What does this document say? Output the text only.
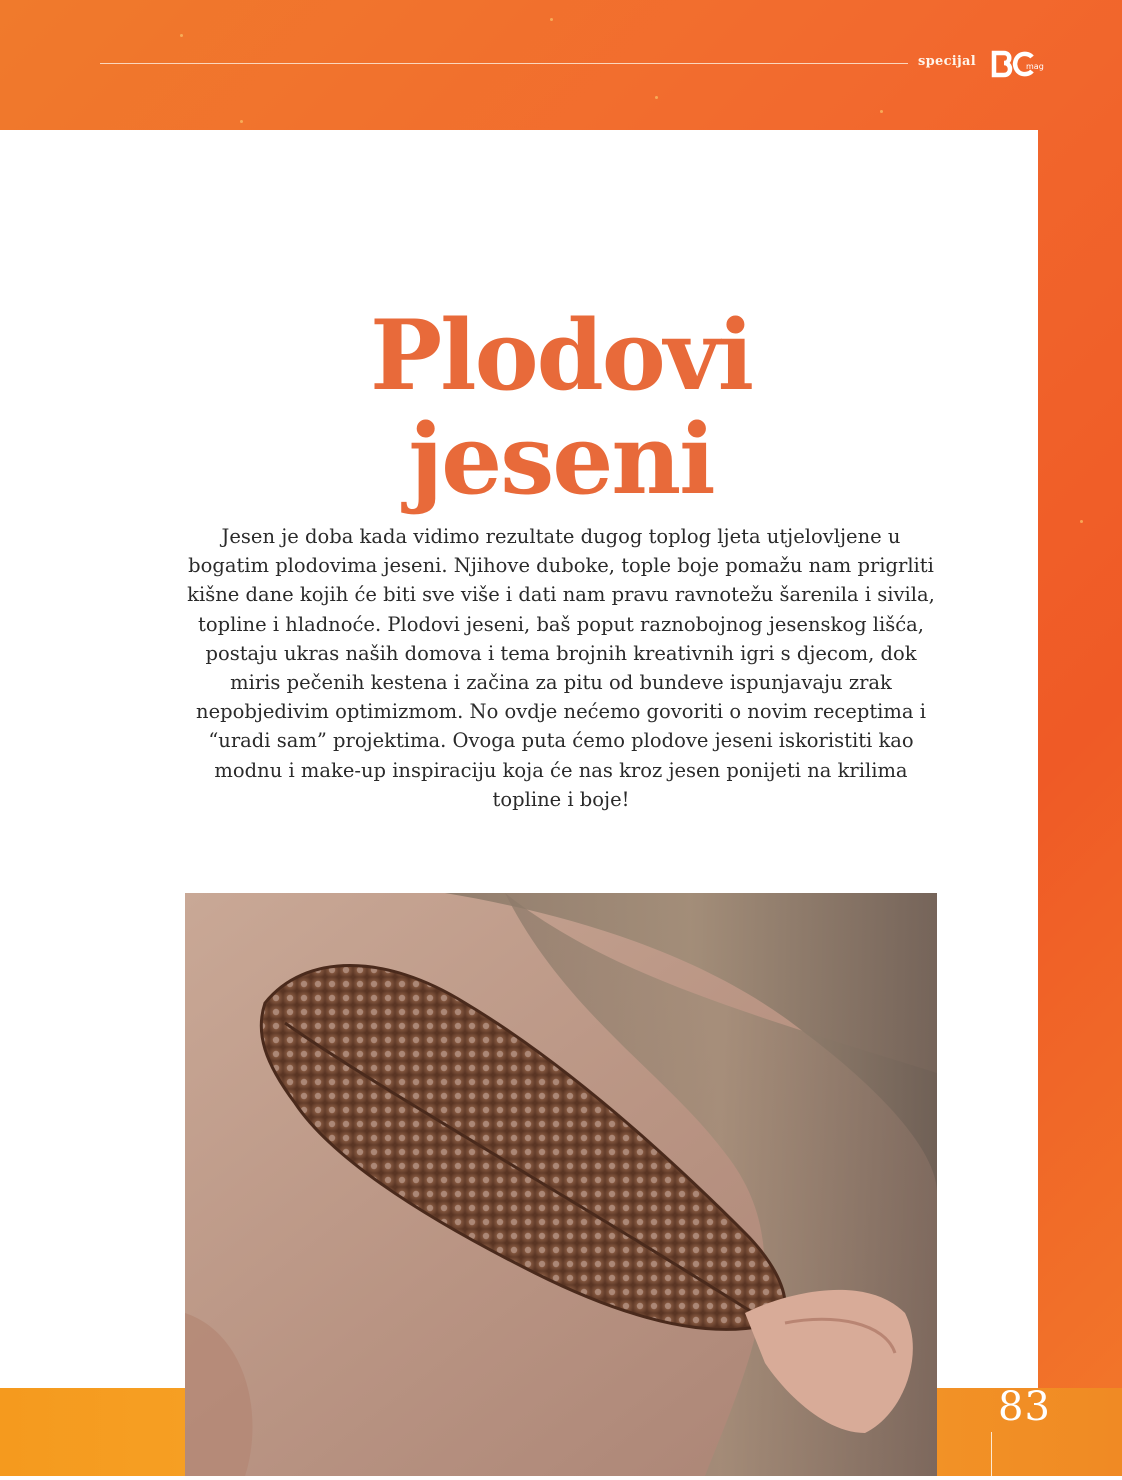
specijal	mag
Plodovi
jeseni

Jesen je doba kada vidimo rezultate dugog toplog ljeta utjelovljene u bogatim plodovima jeseni. Njihove duboke, tople boje pomažu nam prigrliti kišne dane kojih će biti sve više i dati nam pravu ravnotežu šarenila i sivila, topline i hladnoće. Plodovi jeseni, baš poput raznobojnog jesenskog lišća, postaju ukras naših domova i tema brojnih kreativnih igri s djecom, dok miris pečenih kestena i začina za pitu od bundeve ispunjavaju zrak nepobjedivim optimizmom. No ovdje nećemo govoriti o novim receptima i “uradi sam” projektima. Ovoga puta ćemo plodove jeseni iskoristiti kao modnu i make-up inspiraciju koja će nas kroz jesen ponijeti na krilima topline i boje!

83
